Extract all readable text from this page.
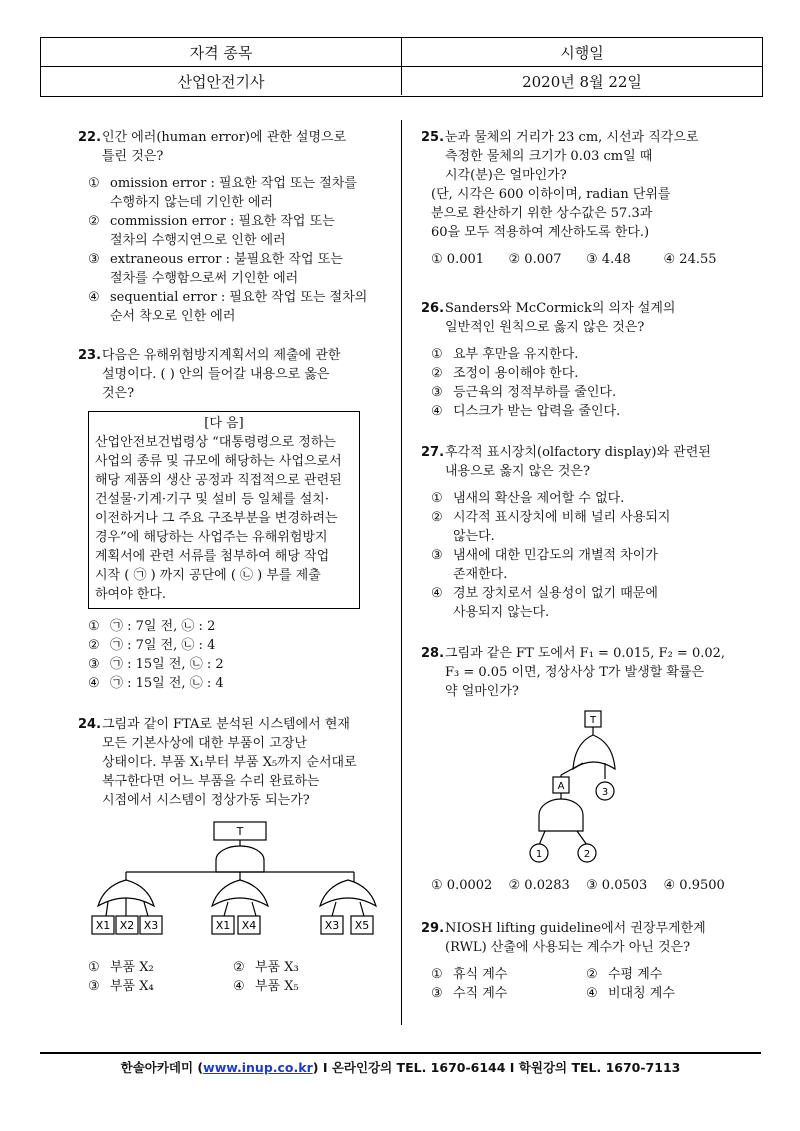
자격 종목	시행일
산업안전기사	2020년 8월 22일
22. 인간 에러(human error)에 관한 설명으로
틀린 것은?
① omission error : 필요한 작업 또는 절차를
수행하지 않는데 기인한 에러
② commission error : 필요한 작업 또는
절차의 수행지연으로 인한 에러
③ extraneous error : 불필요한 작업 또는
절차를 수행함으로써 기인한 에러
④ sequential error : 필요한 작업 또는 절차의
순서 착오로 인한 에러
23. 다음은 유해위험방지계획서의 제출에 관한
설명이다. ( ) 안의 들어갈 내용으로 옳은
것은?
[다 음]
산업안전보건법령상 “대통령령으로 정하는
사업의 종류 및 규모에 해당하는 사업으로서
해당 제품의 생산 공정과 직접적으로 관련된
건설물·기계·기구 및 설비 등 일체를 설치·
이전하거나 그 주요 구조부분을 변경하려는
경우”에 해당하는 사업주는 유해위험방지
계획서에 관련 서류를 첨부하여 해당 작업
시작 ( ㉠ ) 까지 공단에 ( ㉡ ) 부를 제출
하여야 한다.
① ㉠ : 7일 전, ㉡ : 2
② ㉠ : 7일 전, ㉡ : 4
③ ㉠ : 15일 전, ㉡ : 2
④ ㉠ : 15일 전, ㉡ : 4
24. 그림과 같이 FTA로 분석된 시스템에서 현재
모든 기본사상에 대한 부품이 고장난
상태이다. 부품 X₁부터 부품 X₅까지 순서대로
복구한다면 어느 부품을 수리 완료하는
시점에서 시스템이 정상가동 되는가?
T
X1 X2 X3	X1 X4	X3 X5
① 부품 X₂	② 부품 X₃
③ 부품 X₄	④ 부품 X₅
25. 눈과 물체의 거리가 23 cm, 시선과 직각으로
측정한 물체의 크기가 0.03 cm일 때
시각(분)은 얼마인가?
(단, 시각은 600 이하이며, radian 단위를
분으로 환산하기 위한 상수값은 57.3과
60을 모두 적용하여 계산하도록 한다.)
① 0.001	② 0.007	③ 4.48	④ 24.55
26. Sanders와 McCormick의 의자 설계의
일반적인 원칙으로 옳지 않은 것은?
① 요부 후만을 유지한다.
② 조정이 용이해야 한다.
③ 등근육의 정적부하를 줄인다.
④ 디스크가 받는 압력을 줄인다.
27. 후각적 표시장치(olfactory display)와 관련된
내용으로 옳지 않은 것은?
① 냄새의 확산을 제어할 수 없다.
② 시각적 표시장치에 비해 널리 사용되지
않는다.
③ 냄새에 대한 민감도의 개별적 차이가
존재한다.
④ 경보 장치로서 실용성이 없기 때문에
사용되지 않는다.
28. 그림과 같은 FT 도에서 F₁ = 0.015, F₂ = 0.02,
F₃ = 0.05 이면, 정상사상 T가 발생할 확률은
약 얼마인가?
T
A
3
1	2
① 0.0002	② 0.0283	③ 0.0503	④ 0.9500
29. NIOSH lifting guideline에서 권장무게한계
(RWL) 산출에 사용되는 계수가 아닌 것은?
① 휴식 계수	② 수평 계수
③ 수직 계수	④ 비대칭 계수
한솔아카데미 (www.inup.co.kr) I 온라인강의 TEL. 1670-6144 I 학원강의 TEL. 1670-7113
